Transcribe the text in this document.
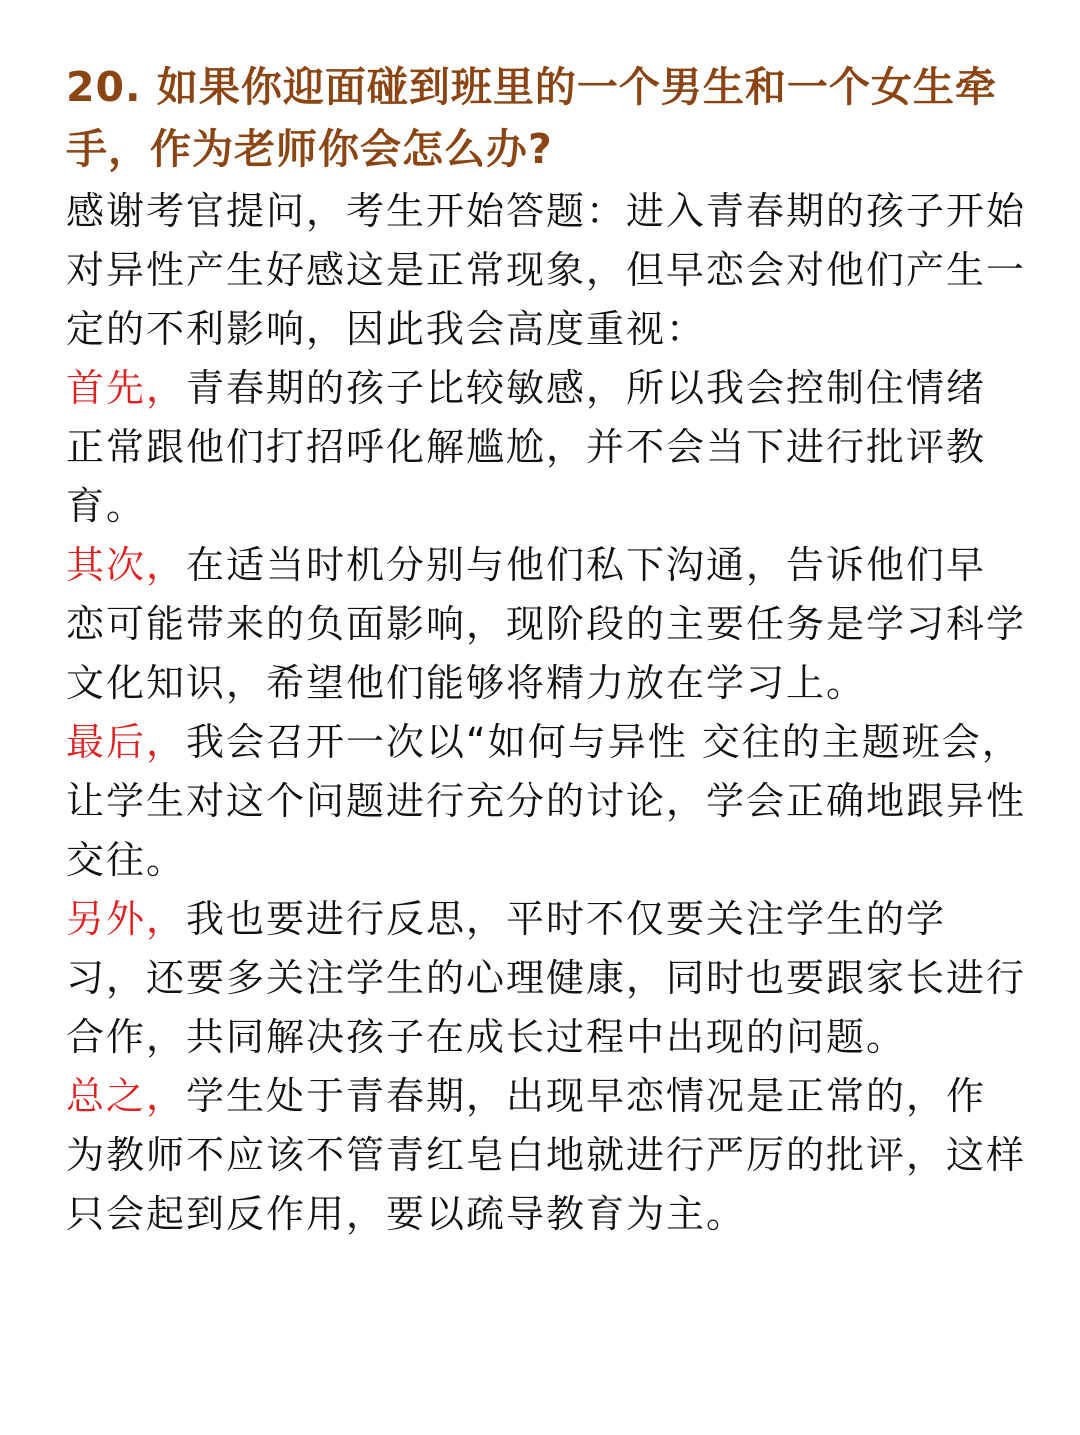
20. 如果你迎面碰到班里的一个男生和一个女生牵手，作为老师你会怎么办?

感谢考官提问，考生开始答题：进入青春期的孩子开始对异性产生好感这是正常现象，但早恋会对他们产生一定的不利影响，因此我会高度重视：

首先，青春期的孩子比较敏感，所以我会控制住情绪正常跟他们打招呼化解尴尬，并不会当下进行批评教育。

其次，在适当时机分别与他们私下沟通，告诉他们早恋可能带来的负面影响，现阶段的主要任务是学习科学文化知识，希望他们能够将精力放在学习上。

最后，我会召开一次以“如何与异性 交往的主题班会，让学生对这个问题进行充分的讨论，学会正确地跟异性交往。

另外，我也要进行反思，平时不仅要关注学生的学习，还要多关注学生的心理健康，同时也要跟家长进行合作，共同解决孩子在成长过程中出现的问题。

总之，学生处于青春期，出现早恋情况是正常的，作为教师不应该不管青红皂白地就进行严厉的批评，这样只会起到反作用，要以疏导教育为主。
